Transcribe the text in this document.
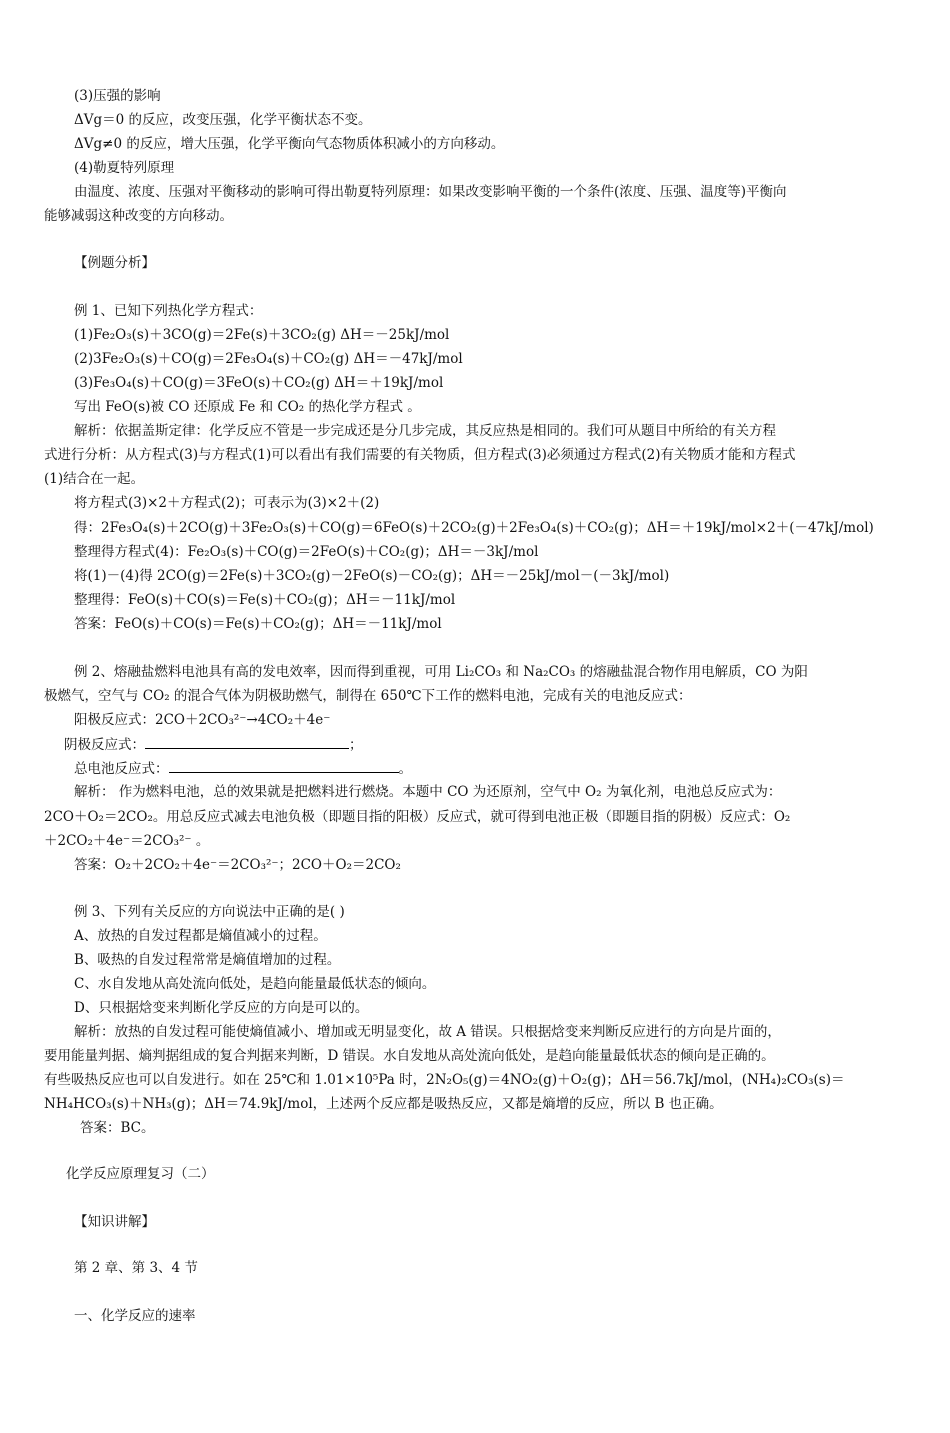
(3)压强的影响
ΔVg＝0 的反应，改变压强，化学平衡状态不变。
ΔVg≠0 的反应，增大压强，化学平衡向气态物质体积减小的方向移动。
(4)勒夏特列原理
由温度、浓度、压强对平衡移动的影响可得出勒夏特列原理：如果改变影响平衡的一个条件(浓度、压强、温度等)平衡向
能够减弱这种改变的方向移动。
【例题分析】
例 1、已知下列热化学方程式：
(1)Fe₂O₃(s)＋3CO(g)＝2Fe(s)＋3CO₂(g) ΔH＝－25kJ/mol
(2)3Fe₂O₃(s)＋CO(g)＝2Fe₃O₄(s)＋CO₂(g) ΔH＝－47kJ/mol
(3)Fe₃O₄(s)＋CO(g)＝3FeO(s)＋CO₂(g) ΔH＝＋19kJ/mol
写出 FeO(s)被 CO 还原成 Fe 和 CO₂ 的热化学方程式 。
解析：依据盖斯定律：化学反应不管是一步完成还是分几步完成，其反应热是相同的。我们可从题目中所给的有关方程
式进行分析：从方程式(3)与方程式(1)可以看出有我们需要的有关物质，但方程式(3)必须通过方程式(2)有关物质才能和方程式
(1)结合在一起。
将方程式(3)×2＋方程式(2)；可表示为(3)×2＋(2)
得：2Fe₃O₄(s)＋2CO(g)＋3Fe₂O₃(s)＋CO(g)＝6FeO(s)＋2CO₂(g)＋2Fe₃O₄(s)＋CO₂(g)；ΔH＝＋19kJ/mol×2＋(－47kJ/mol)
整理得方程式(4)：Fe₂O₃(s)＋CO(g)＝2FeO(s)＋CO₂(g)；ΔH＝－3kJ/mol
将(1)－(4)得 2CO(g)＝2Fe(s)＋3CO₂(g)－2FeO(s)－CO₂(g)；ΔH＝－25kJ/mol－(－3kJ/mol)
整理得：FeO(s)＋CO(s)＝Fe(s)＋CO₂(g)；ΔH＝－11kJ/mol
答案：FeO(s)＋CO(s)＝Fe(s)＋CO₂(g)；ΔH＝－11kJ/mol
例 2、熔融盐燃料电池具有高的发电效率，因而得到重视，可用 Li₂CO₃ 和 Na₂CO₃ 的熔融盐混合物作用电解质，CO 为阳
极燃气，空气与 CO₂ 的混合气体为阴极助燃气，制得在 650℃下工作的燃料电池，完成有关的电池反应式：
阳极反应式：2CO＋2CO₃²⁻→4CO₂＋4e⁻
阴极反应式：	；
总电池反应式：	。
解析： 作为燃料电池，总的效果就是把燃料进行燃烧。本题中 CO 为还原剂，空气中 O₂ 为氧化剂，电池总反应式为：
2CO＋O₂＝2CO₂。用总反应式减去电池负极（即题目指的阳极）反应式，就可得到电池正极（即题目指的阴极）反应式：O₂
＋2CO₂＋4e⁻＝2CO₃²⁻ 。
答案：O₂＋2CO₂＋4e⁻＝2CO₃²⁻；2CO＋O₂＝2CO₂
例 3、下列有关反应的方向说法中正确的是( )
A、放热的自发过程都是熵值减小的过程。
B、吸热的自发过程常常是熵值增加的过程。
C、水自发地从高处流向低处，是趋向能量最低状态的倾向。
D、只根据焓变来判断化学反应的方向是可以的。
解析：放热的自发过程可能使熵值减小、增加或无明显变化，故 A 错误。只根据焓变来判断反应进行的方向是片面的，
要用能量判据、熵判据组成的复合判据来判断，D 错误。水自发地从高处流向低处，是趋向能量最低状态的倾向是正确的。
有些吸热反应也可以自发进行。如在 25℃和 1.01×10⁵Pa 时，2N₂O₅(g)＝4NO₂(g)＋O₂(g)；ΔH＝56.7kJ/mol，(NH₄)₂CO₃(s)＝
NH₄HCO₃(s)＋NH₃(g)；ΔH＝74.9kJ/mol，上述两个反应都是吸热反应，又都是熵增的反应，所以 B 也正确。
答案：BC。
化学反应原理复习（二）
【知识讲解】
第 2 章、第 3、4 节
一、化学反应的速率
